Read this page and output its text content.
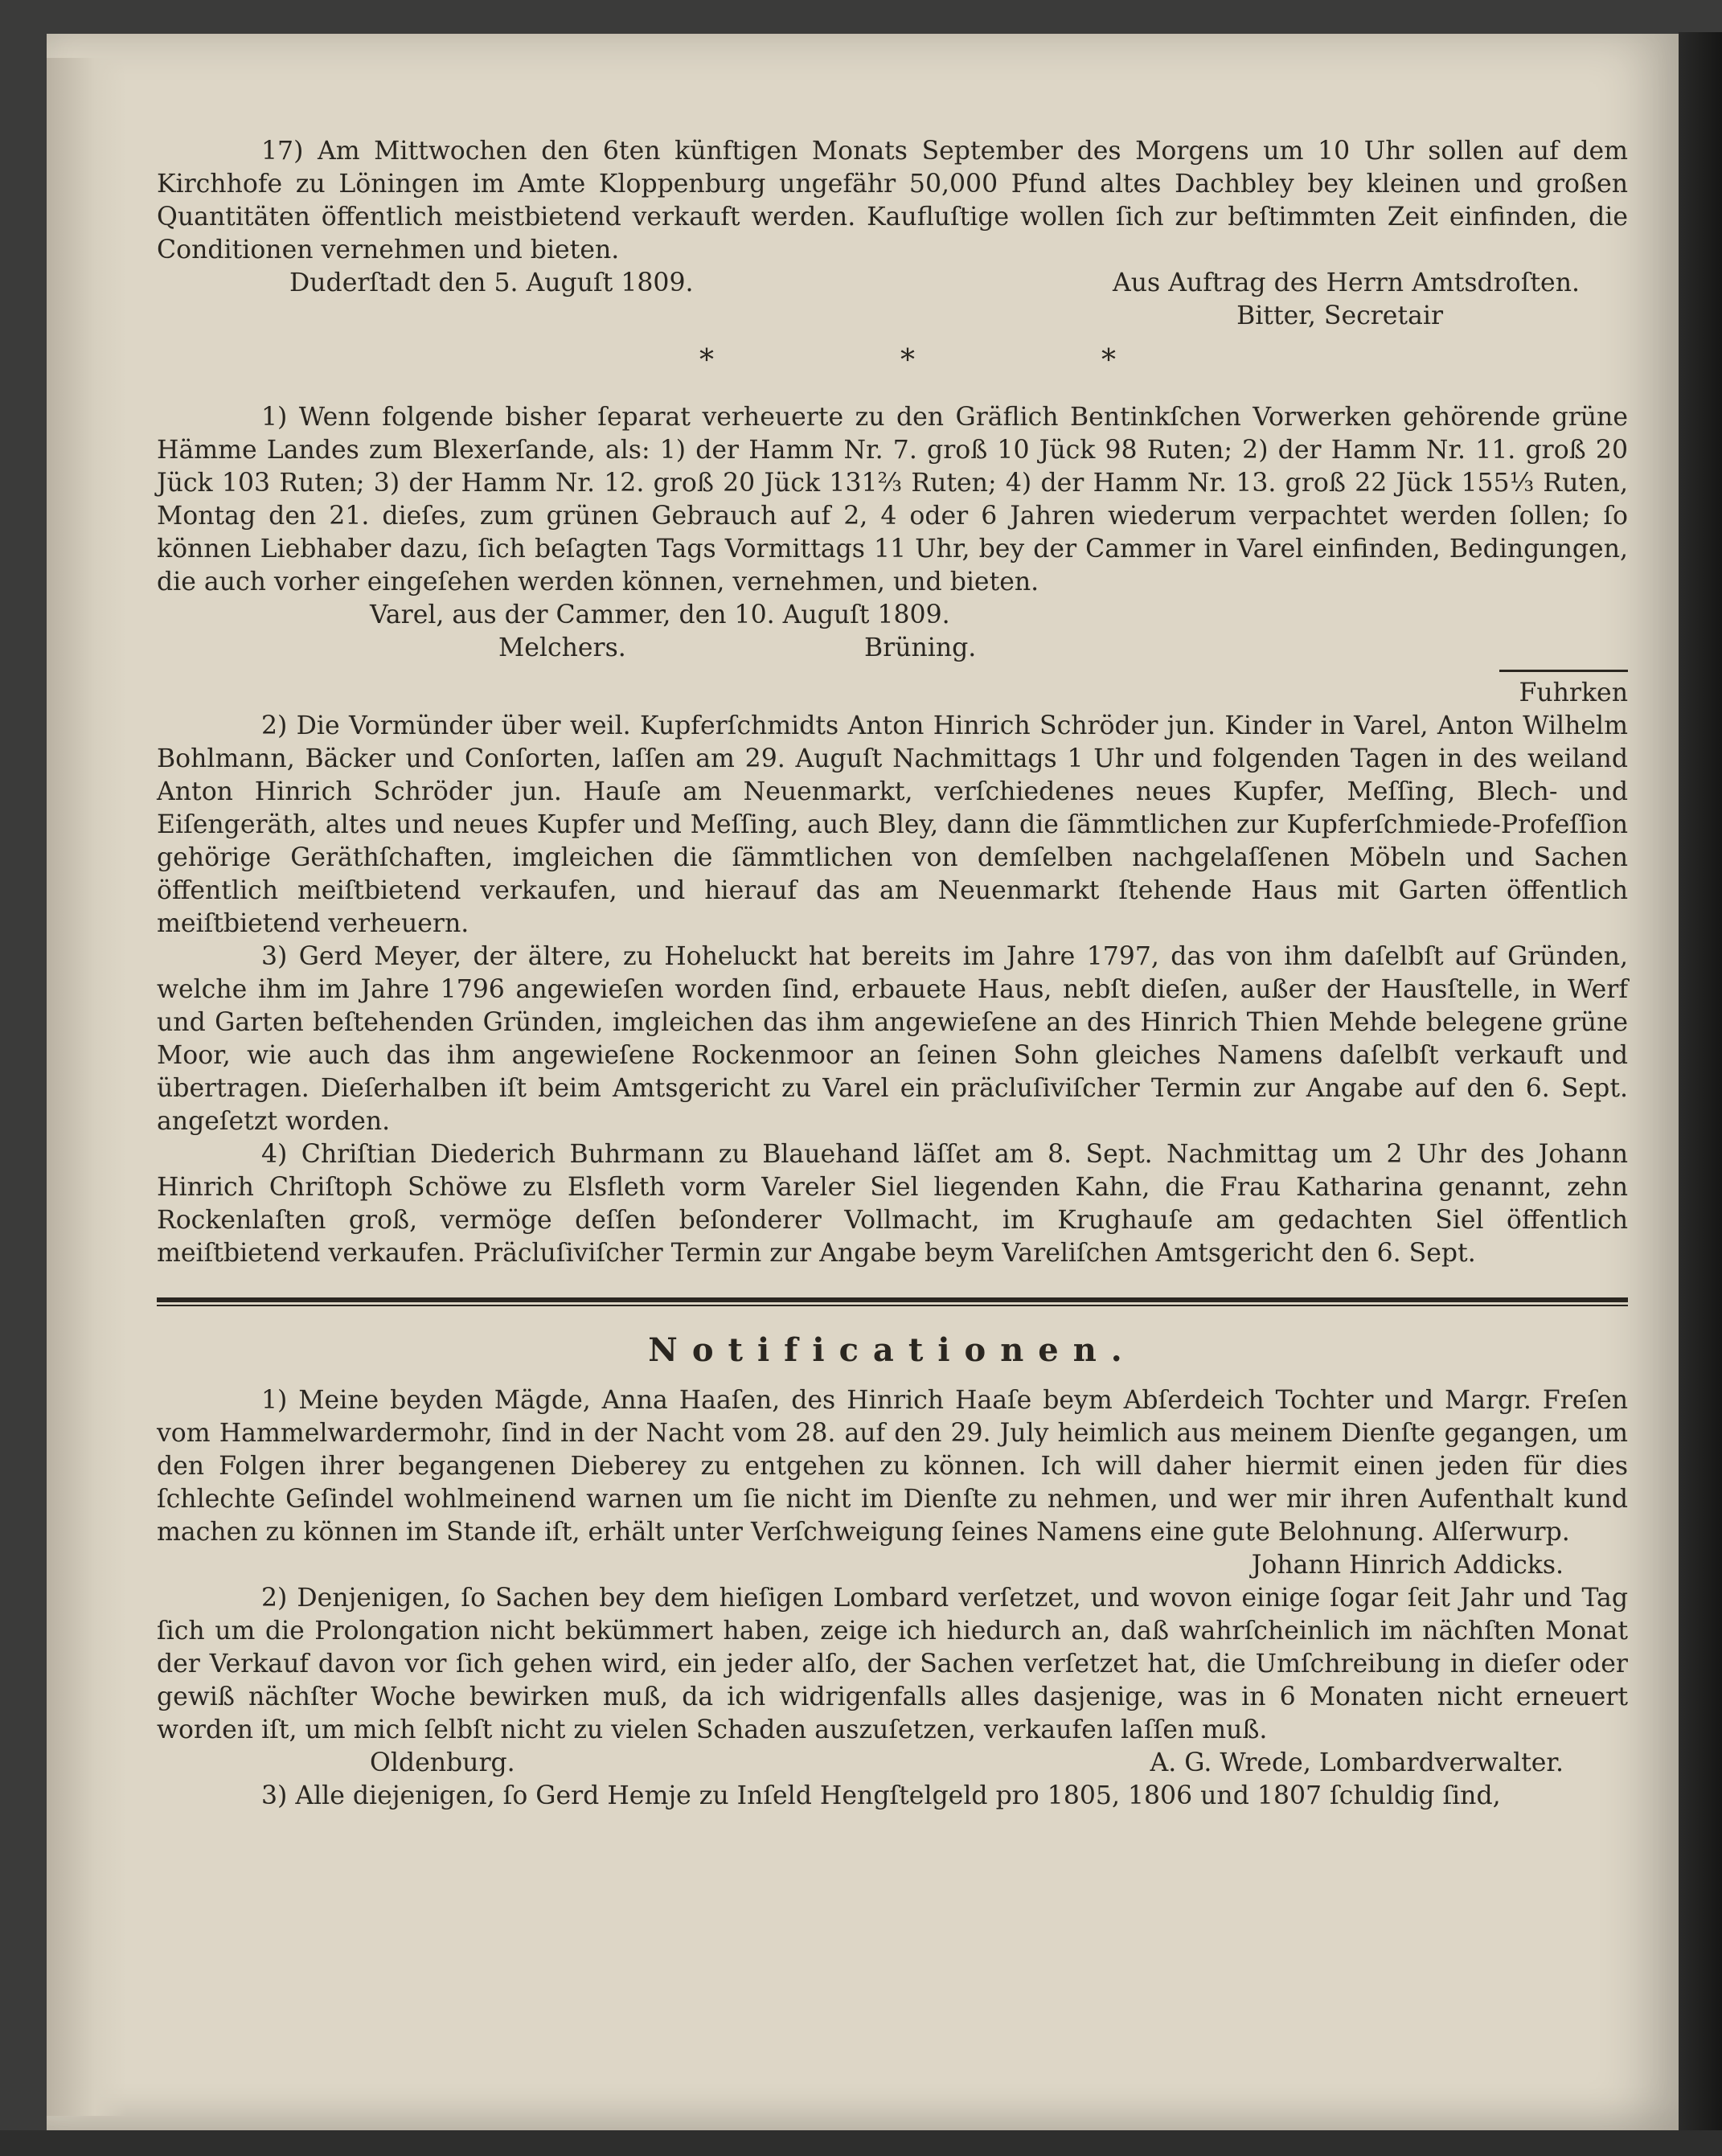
17) Am Mittwochen den 6ten künftigen Monats September des Morgens um 10 Uhr sollen auf dem Kirchhofe zu Löningen im Amte Kloppenburg ungefähr 50,000 Pfund altes Dachbley bey kleinen und großen Quantitäten öffentlich meistbietend verkauft werden. Kaufluſtige wollen ſich zur beſtimmten Zeit einfinden, die Conditionen vernehmen und bieten.

Duderſtadt den 5. Auguſt 1809.	Aus Auftrag des Herrn Amtsdroſten.
Bitter, Secretair
*	*	*

1) Wenn folgende bisher ſeparat verheuerte zu den Gräflich Bentinkſchen Vorwerken gehörende grüne Hämme Landes zum Blexerſande, als: 1) der Hamm Nr. 7. groß 10 Jück 98 Ruten; 2) der Hamm Nr. 11. groß 20 Jück 103 Ruten; 3) der Hamm Nr. 12. groß 20 Jück 131⅔ Ruten; 4) der Hamm Nr. 13. groß 22 Jück 155⅓ Ruten, Montag den 21. dieſes, zum grünen Gebrauch auf 2, 4 oder 6 Jahren wiederum verpachtet werden ſollen; ſo können Liebhaber dazu, ſich beſagten Tags Vormittags 11 Uhr, bey der Cammer in Varel einfinden, Bedingungen, die auch vorher eingeſehen werden können, vernehmen, und bieten.

Varel, aus der Cammer, den 10. Auguſt 1809.
Melchers.	Brüning.
Fuhrken

2) Die Vormünder über weil. Kupferſchmidts Anton Hinrich Schröder jun. Kinder in Varel, Anton Wilhelm Bohlmann, Bäcker und Conſorten, laſſen am 29. Auguſt Nachmittags 1 Uhr und folgenden Tagen in des weiland Anton Hinrich Schröder jun. Hauſe am Neuenmarkt, verſchiedenes neues Kupfer, Meſſing, Blech- und Eiſengeräth, altes und neues Kupfer und Meſſing, auch Bley, dann die ſämmtlichen zur Kupferſchmiede-Profeſſion gehörige Geräthſchaften, imgleichen die ſämmtlichen von demſelben nachgelaſſenen Möbeln und Sachen öffentlich meiſtbietend verkaufen, und hierauf das am Neuenmarkt ſtehende Haus mit Garten öffentlich meiſtbietend verheuern.

3) Gerd Meyer, der ältere, zu Hoheluckt hat bereits im Jahre 1797, das von ihm daſelbſt auf Gründen, welche ihm im Jahre 1796 angewieſen worden ſind, erbauete Haus, nebſt dieſen, außer der Hausſtelle, in Werf und Garten beſtehenden Gründen, imgleichen das ihm angewieſene an des Hinrich Thien Mehde belegene grüne Moor, wie auch das ihm angewieſene Rockenmoor an ſeinen Sohn gleiches Namens daſelbſt verkauft und übertragen. Dieſerhalben iſt beim Amtsgericht zu Varel ein präcluſiviſcher Termin zur Angabe auf den 6. Sept. angeſetzt worden.

4) Chriſtian Diederich Buhrmann zu Blauehand läſſet am 8. Sept. Nachmittag um 2 Uhr des Johann Hinrich Chriſtoph Schöwe zu Elsfleth vorm Vareler Siel liegenden Kahn, die Frau Katharina genannt, zehn Rockenlaſten groß, vermöge deſſen beſonderer Vollmacht, im Krughauſe am gedachten Siel öffentlich meiſtbietend verkaufen. Präcluſiviſcher Termin zur Angabe beym Vareliſchen Amtsgericht den 6. Sept.

Notificationen.

1) Meine beyden Mägde, Anna Haaſen, des Hinrich Haaſe beym Abſerdeich Tochter und Margr. Freſen vom Hammelwardermohr, ſind in der Nacht vom 28. auf den 29. July heimlich aus meinem Dienſte gegangen, um den Folgen ihrer begangenen Dieberey zu entgehen zu können. Ich will daher hiermit einen jeden für dies ſchlechte Geſindel wohlmeinend warnen um ſie nicht im Dienſte zu nehmen, und wer mir ihren Aufenthalt kund machen zu können im Stande iſt, erhält unter Verſchweigung ſeines Namens eine gute Belohnung. Alſerwurp.

Johann Hinrich Addicks.

2) Denjenigen, ſo Sachen bey dem hieſigen Lombard verſetzet, und wovon einige ſogar ſeit Jahr und Tag ſich um die Prolongation nicht bekümmert haben, zeige ich hiedurch an, daß wahrſcheinlich im nächſten Monat der Verkauf davon vor ſich gehen wird, ein jeder alſo, der Sachen verſetzet hat, die Umſchreibung in dieſer oder gewiß nächſter Woche bewirken muß, da ich widrigenfalls alles dasjenige, was in 6 Monaten nicht erneuert worden iſt, um mich ſelbſt nicht zu vielen Schaden auszuſetzen, verkaufen laſſen muß.

Oldenburg.	A. G. Wrede, Lombardverwalter.

3) Alle diejenigen, ſo Gerd Hemje zu Inſeld Hengſtelgeld pro 1805, 1806 und 1807 ſchuldig ſind,
